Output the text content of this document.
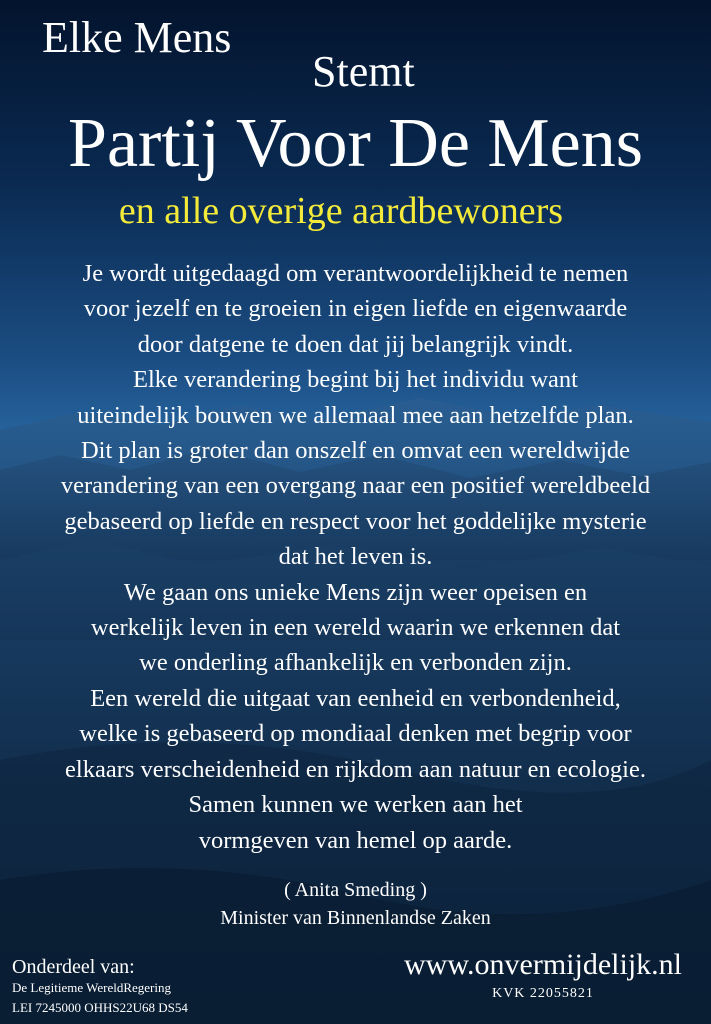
Elke Mens
Stemt
Partij Voor De Mens
en alle overige aardbewoners
Je wordt uitgedaagd om verantwoordelijkheid te nemen
voor jezelf en te groeien in eigen liefde en eigenwaarde
door datgene te doen dat jij belangrijk vindt.
Elke verandering begint bij het individu want
uiteindelijk bouwen we allemaal mee aan hetzelfde plan.
Dit plan is groter dan onszelf en omvat een wereldwijde
verandering van een overgang naar een positief wereldbeeld
gebaseerd op liefde en respect voor het goddelijke mysterie
dat het leven is.
We gaan ons unieke Mens zijn weer opeisen en
werkelijk leven in een wereld waarin we erkennen dat
we onderling afhankelijk en verbonden zijn.
Een wereld die uitgaat van eenheid en verbondenheid,
welke is gebaseerd op mondiaal denken met begrip voor
elkaars verscheidenheid en rijkdom aan natuur en ecologie.
Samen kunnen we werken aan het
vormgeven van hemel op aarde.
( Anita Smeding )
Minister van Binnenlandse Zaken
Onderdeel van:
De Legitieme WereldRegering
LEI 7245000 OHHS22U68 DS54
www.onvermijdelijk.nl
KVK 22055821
